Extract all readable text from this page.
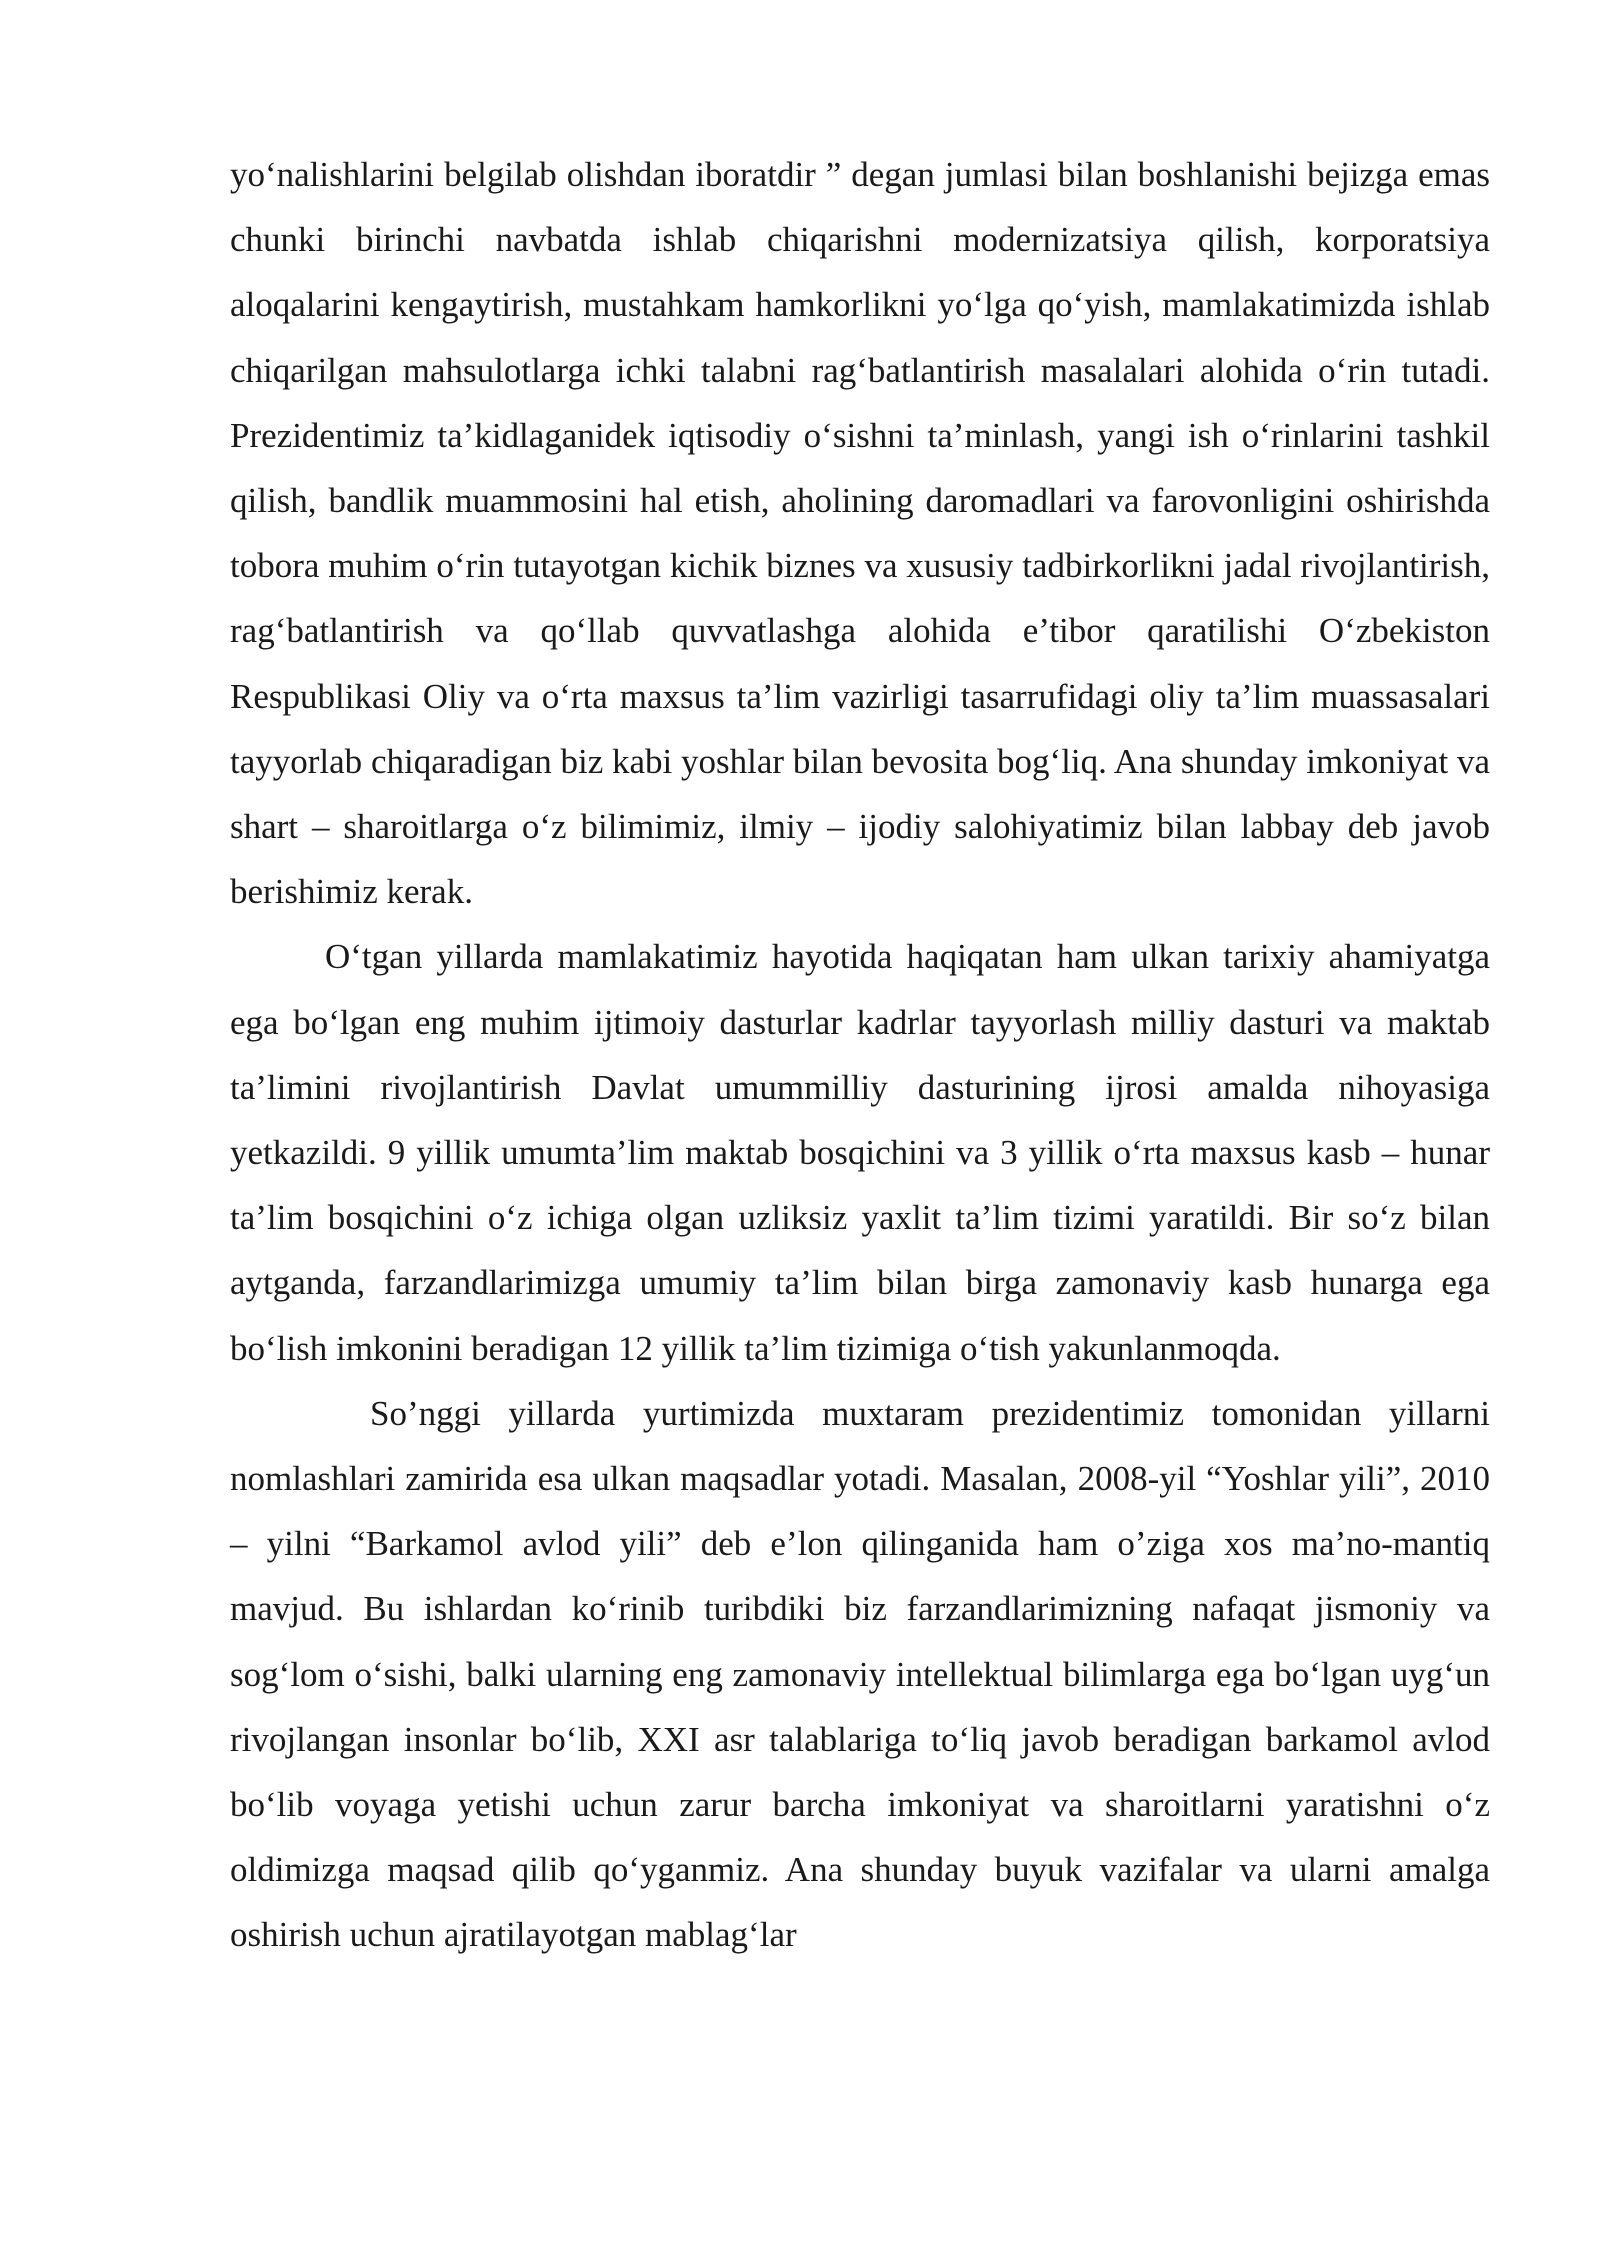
yo‘nalishlarini belgilab olishdan iboratdir ” degan jumlasi bilan boshlanishi bejizga emas chunki birinchi navbatda ishlab chiqarishni modernizatsiya qilish, korporatsiya aloqalarini kengaytirish, mustahkam hamkorlikni yo‘lga qo‘yish, mamlakatimizda ishlab chiqarilgan mahsulotlarga ichki talabni rag‘batlantirish masalalari alohida o‘rin tutadi. Prezidentimiz ta’kidlaganidek iqtisodiy o‘sishni ta’minlash, yangi ish o‘rinlarini tashkil qilish, bandlik muammosini hal etish, aholining daromadlari va farovonligini oshirishda tobora muhim o‘rin tutayotgan kichik biznes va xususiy tadbirkorlikni jadal rivojlantirish, rag‘batlantirish va qo‘llab quvvatlashga alohida e’tibor qaratilishi O‘zbekiston Respublikasi Oliy va o‘rta maxsus ta’lim vazirligi tasarrufidagi oliy ta’lim muassasalari tayyorlab chiqaradigan biz kabi yoshlar bilan bevosita bog‘liq. Ana shunday imkoniyat va shart – sharoitlarga o‘z bilimimiz, ilmiy – ijodiy salohiyatimiz bilan labbay deb javob berishimiz kerak.

O‘tgan yillarda mamlakatimiz hayotida haqiqatan ham ulkan tarixiy ahamiyatga ega bo‘lgan eng muhim ijtimoiy dasturlar kadrlar tayyorlash milliy dasturi va maktab ta’limini rivojlantirish Davlat umummilliy dasturining ijrosi amalda nihoyasiga yetkazildi. 9 yillik umumta’lim maktab bosqichini va 3 yillik o‘rta maxsus kasb – hunar ta’lim bosqichini o‘z ichiga olgan uzliksiz yaxlit ta’lim tizimi yaratildi. Bir so‘z bilan aytganda, farzandlarimizga umumiy ta’lim bilan birga zamonaviy kasb hunarga ega bo‘lish imkonini beradigan 12 yillik ta’lim tizimiga o‘tish yakunlanmoqda.

So’nggi yillarda yurtimizda muxtaram prezidentimiz tomonidan yillarni nomlashlari zamirida esa ulkan maqsadlar yotadi. Masalan, 2008-yil “Yoshlar yili”, 2010 – yilni “Barkamol avlod yili” deb e’lon qilinganida ham o’ziga xos ma’no-mantiq mavjud. Bu ishlardan ko‘rinib turibdiki biz farzandlarimizning nafaqat jismoniy va sog‘lom o‘sishi, balki ularning eng zamonaviy intellektual bilimlarga ega bo‘lgan uyg‘un rivojlangan insonlar bo‘lib, XXI asr talablariga to‘liq javob beradigan barkamol avlod bo‘lib voyaga yetishi uchun zarur barcha imkoniyat va sharoitlarni yaratishni o‘z oldimizga maqsad qilib qo‘yganmiz. Ana shunday buyuk vazifalar va ularni amalga oshirish uchun ajratilayotgan mablag‘lar
